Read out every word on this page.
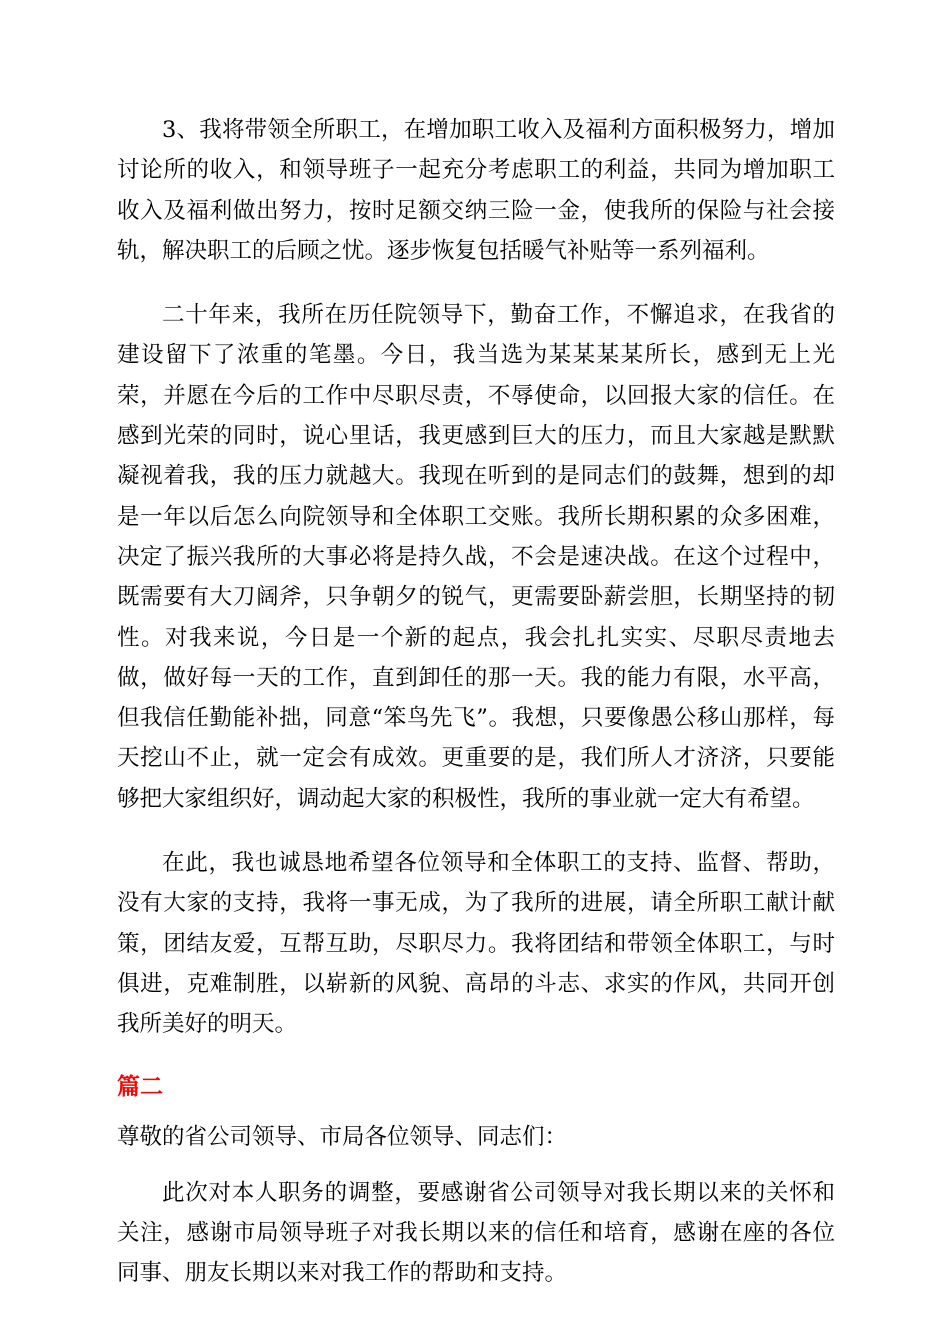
3、我将带领全所职工，在增加职工收入及福利方面积极努力，增加讨论所的收入，和领导班子一起充分考虑职工的利益，共同为增加职工收入及福利做出努力，按时足额交纳三险一金，使我所的保险与社会接轨，解决职工的后顾之忧。逐步恢复包括暖气补贴等一系列福利。

二十年来，我所在历任院领导下，勤奋工作，不懈追求，在我省的建设留下了浓重的笔墨。今日，我当选为某某某某所长，感到无上光荣，并愿在今后的工作中尽职尽责，不辱使命，以回报大家的信任。在感到光荣的同时，说心里话，我更感到巨大的压力，而且大家越是默默凝视着我，我的压力就越大。我现在听到的是同志们的鼓舞，想到的却是一年以后怎么向院领导和全体职工交账。我所长期积累的众多困难，决定了振兴我所的大事必将是持久战，不会是速决战。在这个过程中，既需要有大刀阔斧，只争朝夕的锐气，更需要卧薪尝胆，长期坚持的韧性。对我来说，今日是一个新的起点，我会扎扎实实、尽职尽责地去做，做好每一天的工作，直到卸任的那一天。我的能力有限，水平高，但我信任勤能补拙，同意“笨鸟先飞”。我想，只要像愚公移山那样，每天挖山不止，就一定会有成效。更重要的是，我们所人才济济，只要能够把大家组织好，调动起大家的积极性，我所的事业就一定大有希望。

在此，我也诚恳地希望各位领导和全体职工的支持、监督、帮助，没有大家的支持，我将一事无成，为了我所的进展，请全所职工献计献策，团结友爱，互帮互助，尽职尽力。我将团结和带领全体职工，与时俱进，克难制胜，以崭新的风貌、高昂的斗志、求实的作风，共同开创我所美好的明天。

篇二

尊敬的省公司领导、市局各位领导、同志们：

此次对本人职务的调整，要感谢省公司领导对我长期以来的关怀和关注，感谢市局领导班子对我长期以来的信任和培育，感谢在座的各位同事、朋友长期以来对我工作的帮助和支持。
